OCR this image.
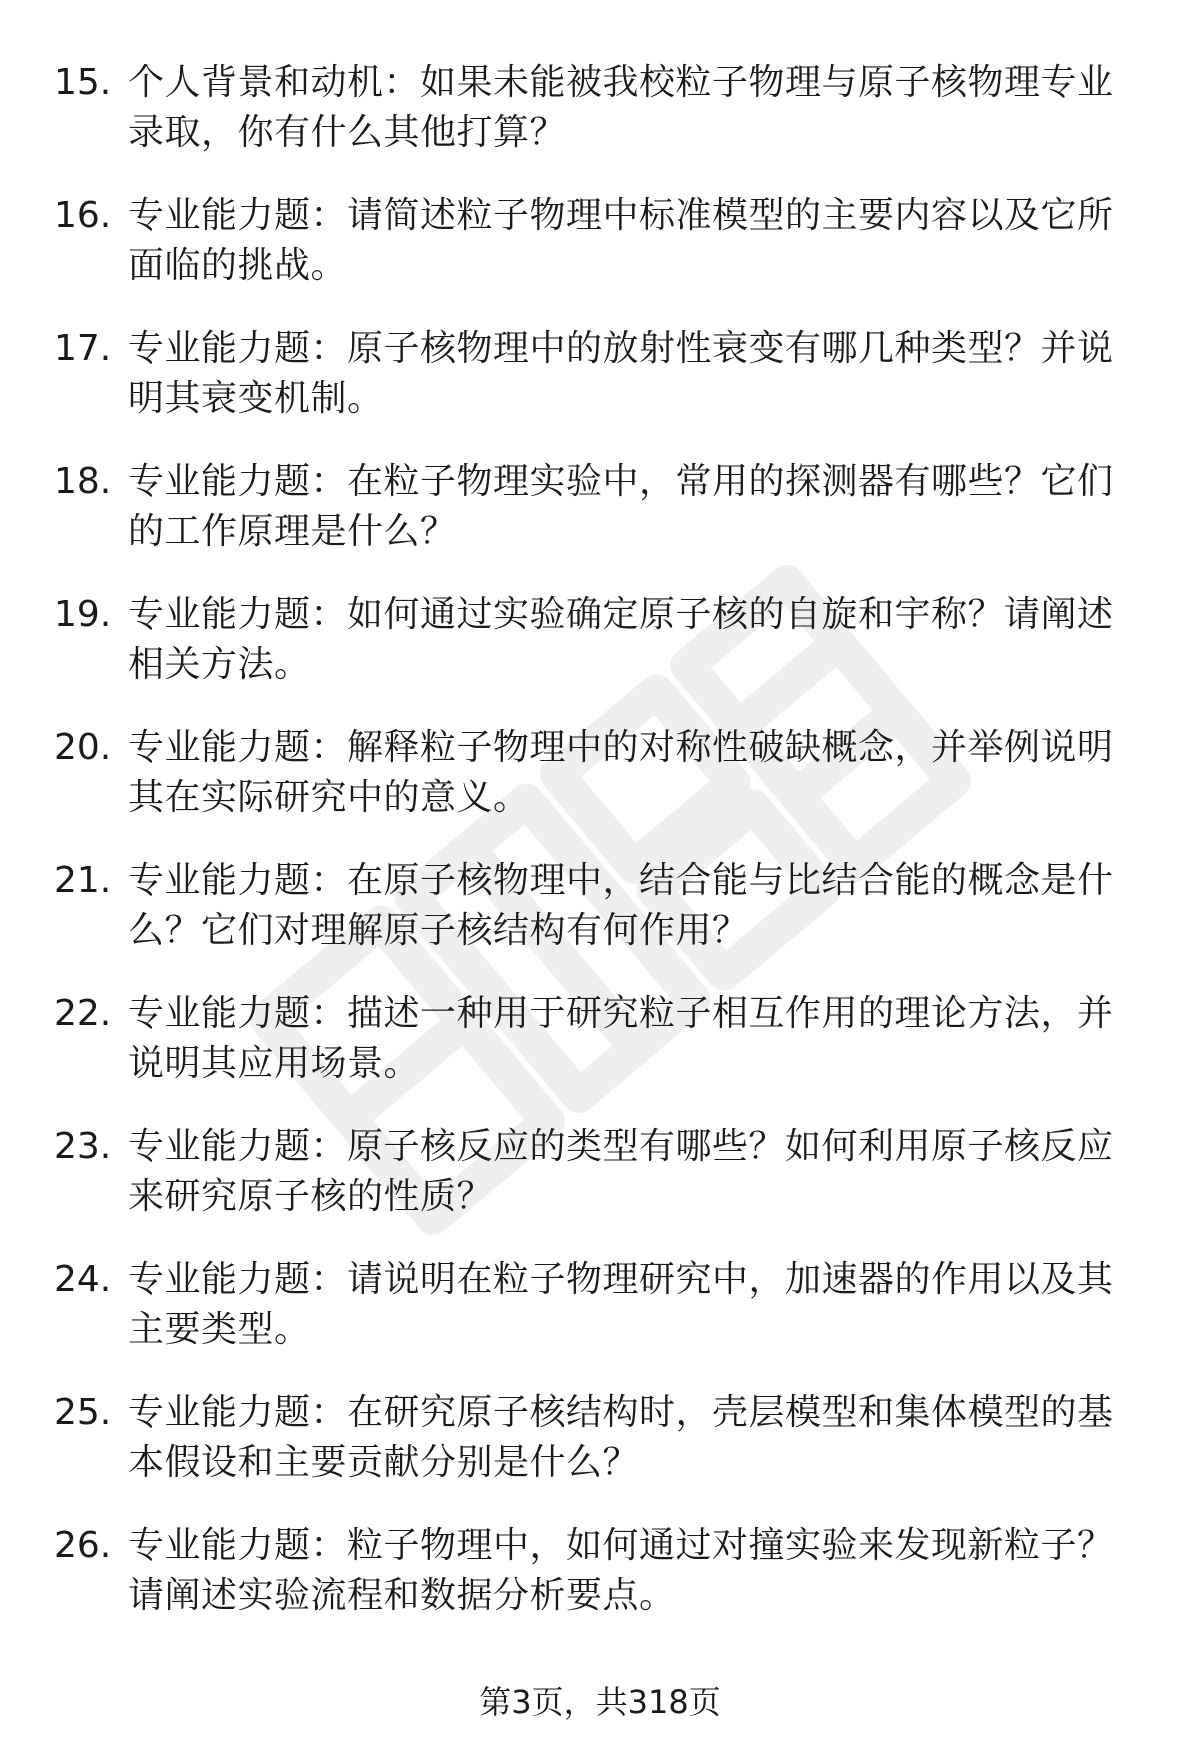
15. 个人背景和动机：如果未能被我校粒子物理与原子核物理专业录取，你有什么其他打算？
16. 专业能力题：请简述粒子物理中标准模型的主要内容以及它所面临的挑战。
17. 专业能力题：原子核物理中的放射性衰变有哪几种类型？并说明其衰变机制。
18. 专业能力题：在粒子物理实验中，常用的探测器有哪些？它们的工作原理是什么？
19. 专业能力题：如何通过实验确定原子核的自旋和宇称？请阐述相关方法。
20. 专业能力题：解释粒子物理中的对称性破缺概念，并举例说明其在实际研究中的意义。
21. 专业能力题：在原子核物理中，结合能与比结合能的概念是什么？它们对理解原子核结构有何作用？
22. 专业能力题：描述一种用于研究粒子相互作用的理论方法，并说明其应用场景。
23. 专业能力题：原子核反应的类型有哪些？如何利用原子核反应来研究原子核的性质？
24. 专业能力题：请说明在粒子物理研究中，加速器的作用以及其主要类型。
25. 专业能力题：在研究原子核结构时，壳层模型和集体模型的基本假设和主要贡献分别是什么？
26. 专业能力题：粒子物理中，如何通过对撞实验来发现新粒子？请阐述实验流程和数据分析要点。
第3页，共318页
